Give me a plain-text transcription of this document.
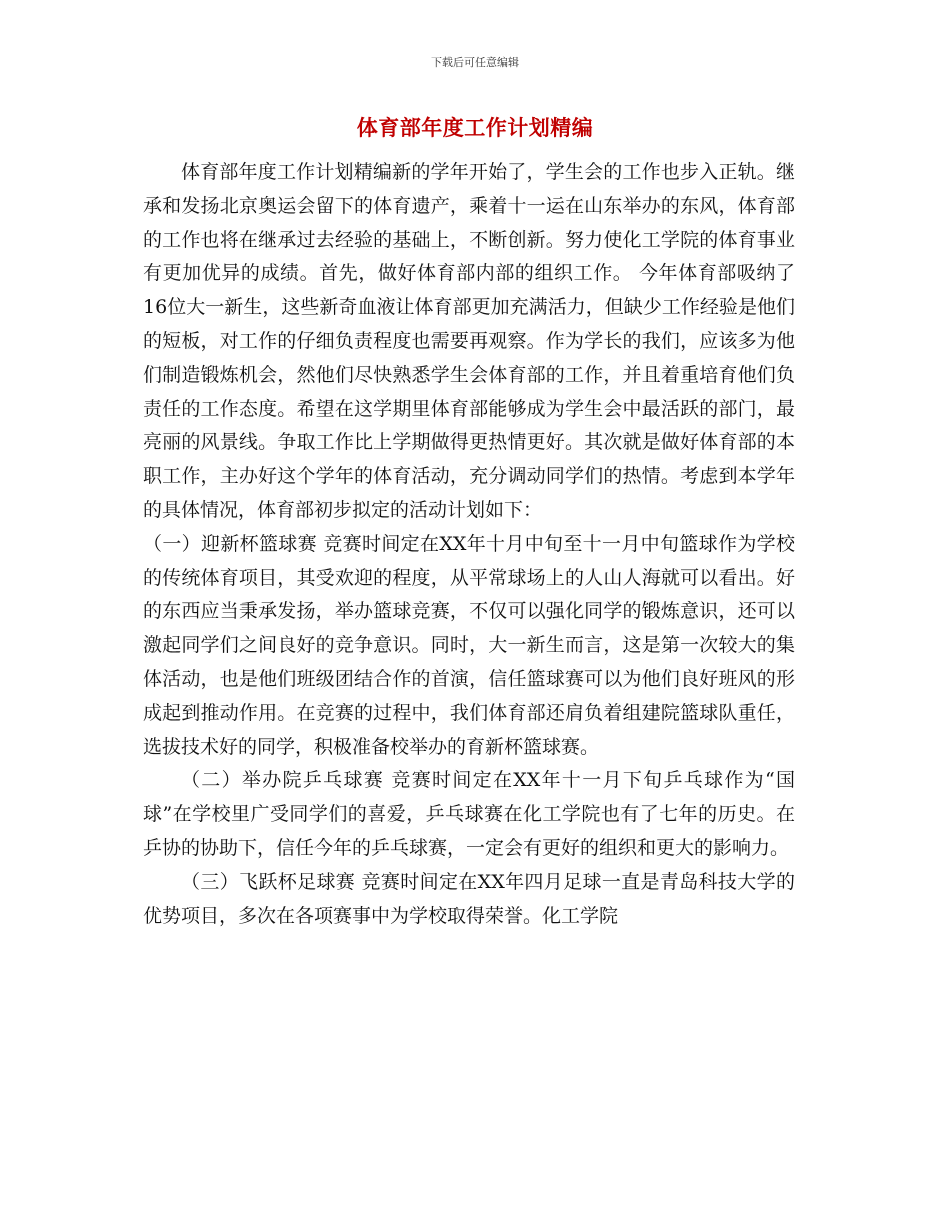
下载后可任意编辑
体育部年度工作计划精编

体育部年度工作计划精编新的学年开始了，学生会的工作也步入正轨。继承和发扬北京奥运会留下的体育遗产，乘着十一运在山东举办的东风，体育部的工作也将在继承过去经验的基础上，不断创新。努力使化工学院的体育事业有更加优异的成绩。首先，做好体育部内部的组织工作。 今年体育部吸纳了16位大一新生，这些新奇血液让体育部更加充满活力，但缺少工作经验是他们的短板，对工作的仔细负责程度也需要再观察。作为学长的我们，应该多为他们制造锻炼机会，然他们尽快熟悉学生会体育部的工作，并且着重培育他们负责任的工作态度。希望在这学期里体育部能够成为学生会中最活跃的部门，最亮丽的风景线。争取工作比上学期做得更热情更好。其次就是做好体育部的本职工作，主办好这个学年的体育活动，充分调动同学们的热情。考虑到本学年的具体情况，体育部初步拟定的活动计划如下：

（一）迎新杯篮球赛 竞赛时间定在XX年十月中旬至十一月中旬篮球作为学校的传统体育项目，其受欢迎的程度，从平常球场上的人山人海就可以看出。好的东西应当秉承发扬，举办篮球竞赛，不仅可以强化同学的锻炼意识，还可以激起同学们之间良好的竞争意识。同时，大一新生而言，这是第一次较大的集体活动，也是他们班级团结合作的首演，信任篮球赛可以为他们良好班风的形成起到推动作用。在竞赛的过程中，我们体育部还肩负着组建院篮球队重任，选拔技术好的同学，积极准备校举办的育新杯篮球赛。

（二）举办院乒乓球赛 竞赛时间定在XX年十一月下旬乒乓球作为“国球”在学校里广受同学们的喜爱，乒乓球赛在化工学院也有了七年的历史。在乒协的协助下，信任今年的乒乓球赛，一定会有更好的组织和更大的影响力。

（三）飞跃杯足球赛 竞赛时间定在XX年四月足球一直是青岛科技大学的优势项目，多次在各项赛事中为学校取得荣誉。化工学院
